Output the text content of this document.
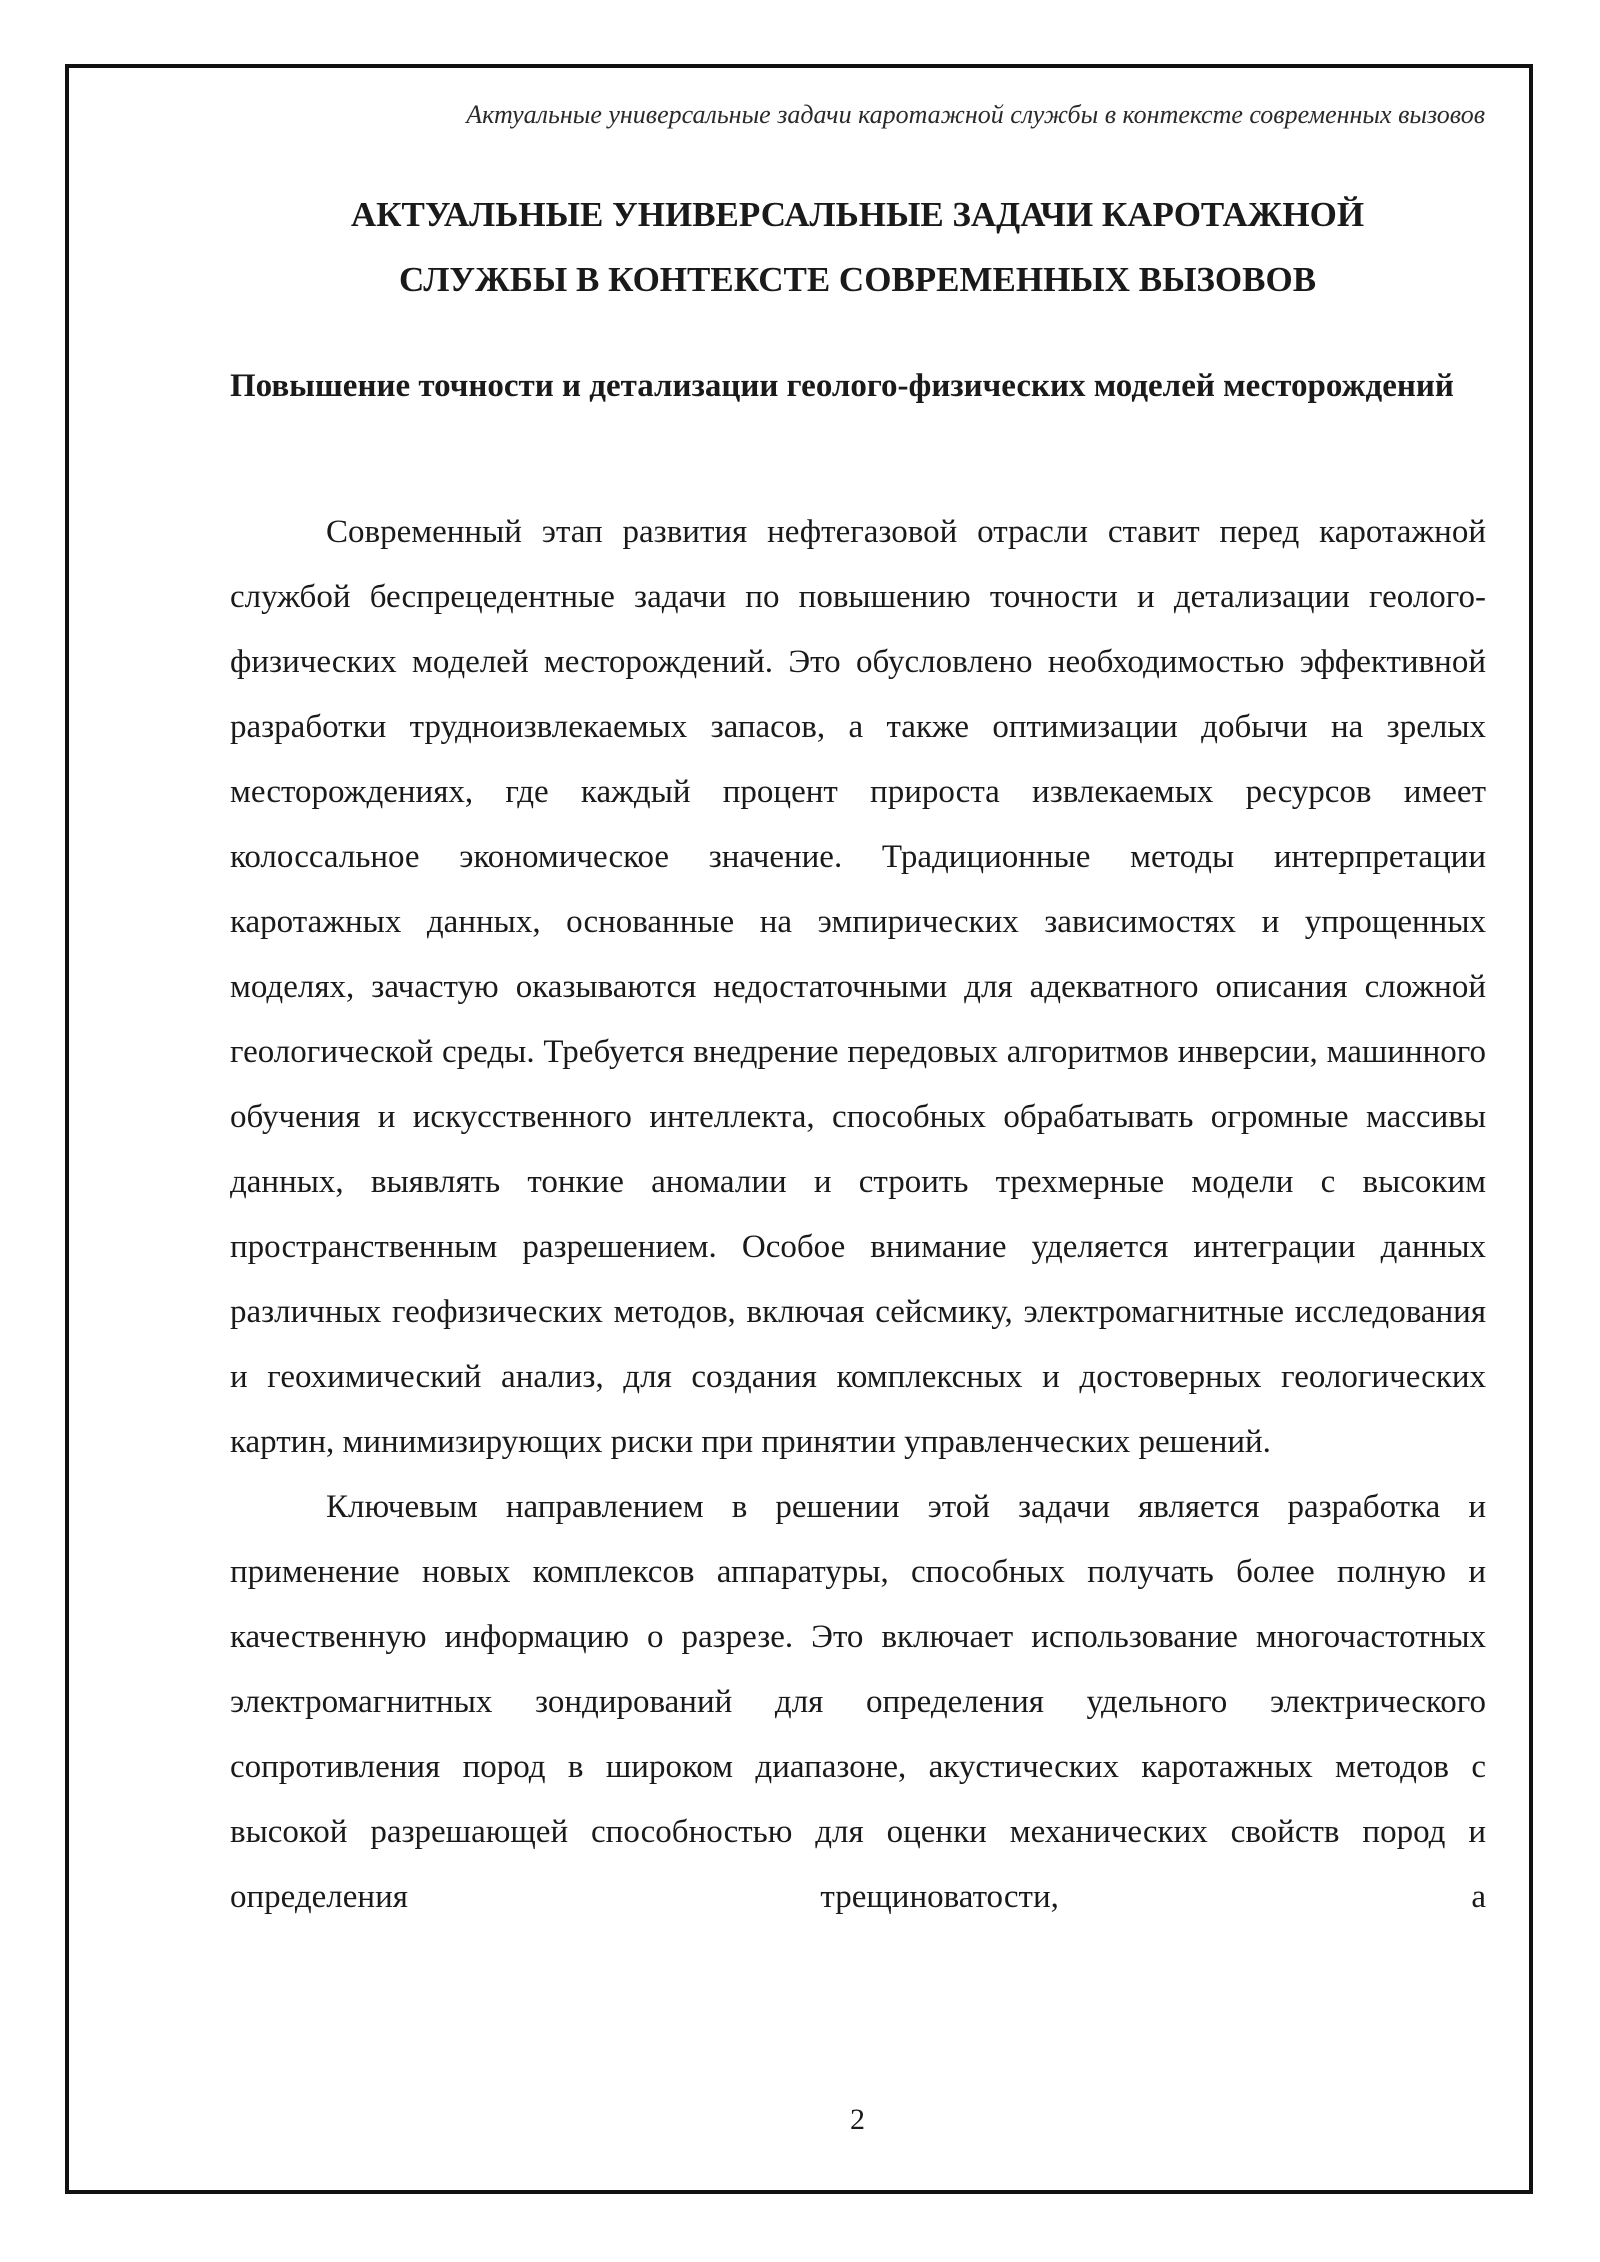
Актуальные универсальные задачи каротажной службы в контексте современных вызовов
АКТУАЛЬНЫЕ УНИВЕРСАЛЬНЫЕ ЗАДАЧИ КАРОТАЖНОЙ
СЛУЖБЫ В КОНТЕКСТЕ СОВРЕМЕННЫХ ВЫЗОВОВ
Повышение точности и детализации геолого-физических моделей месторождений

Современный этап развития нефтегазовой отрасли ставит перед каротажной службой беспрецедентные задачи по повышению точности и детализации геолого-физических моделей месторождений. Это обусловлено необходимостью эффективной разработки трудноизвлекаемых запасов, а также оптимизации добычи на зрелых месторождениях, где каждый процент прироста извлекаемых ресурсов имеет колоссальное экономическое значение. Традиционные методы интерпретации каротажных данных, основанные на эмпирических зависимостях и упрощенных моделях, зачастую оказываются недостаточными для адекватного описания сложной геологической среды. Требуется внедрение передовых алгоритмов инверсии, машинного обучения и искусственного интеллекта, способных обрабатывать огромные массивы данных, выявлять тонкие аномалии и строить трехмерные модели с высоким пространственным разрешением. Особое внимание уделяется интеграции данных различных геофизических методов, включая сейсмику, электромагнитные исследования и геохимический анализ, для создания комплексных и достоверных геологических картин, минимизирующих риски при принятии управленческих решений.

Ключевым направлением в решении этой задачи является разработка и применение новых комплексов аппаратуры, способных получать более полную и качественную информацию о разрезе. Это включает использование многочастотных электромагнитных зондирований для определения удельного электрического сопротивления пород в широком диапазоне, акустических каротажных методов с высокой разрешающей способностью для оценки механических свойств пород и определения трещиноватости, а

2
